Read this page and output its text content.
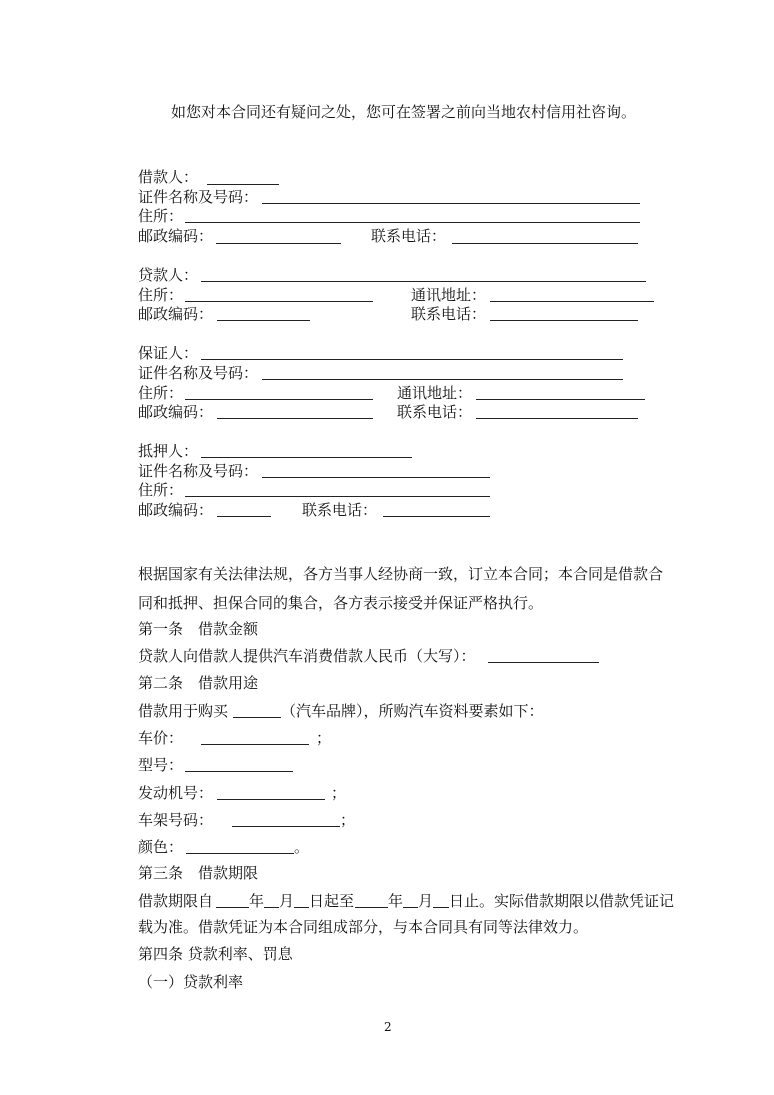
如您对本合同还有疑问之处，您可在签署之前向当地农村信用社咨询。
借款人：
证件名称及号码：
住所：
邮政编码：	联系电话：
贷款人：
住所：	通讯地址：
邮政编码：	联系电话：
保证人：
证件名称及号码：
住所：	通讯地址：
邮政编码：	联系电话：
抵押人：
证件名称及号码：
住所：
邮政编码：	联系电话：
根据国家有关法律法规，各方当事人经协商一致，订立本合同；本合同是借款合
同和抵押、担保合同的集合，各方表示接受并保证严格执行。
第一条　借款金额
贷款人向借款人提供汽车消费借款人民币（大写）：
第二条　借款用途
借款用于购买	（汽车品牌），所购汽车资料要素如下：
车价：	；
型号：
发动机号：	；
车架号码：	；
颜色：	。
第三条　借款期限
借款期限自 年 月 日起至 年 月 日止。实际借款期限以借款凭证记
载为准。借款凭证为本合同组成部分，与本合同具有同等法律效力。
第四条 贷款利率、罚息
（一）贷款利率
2
